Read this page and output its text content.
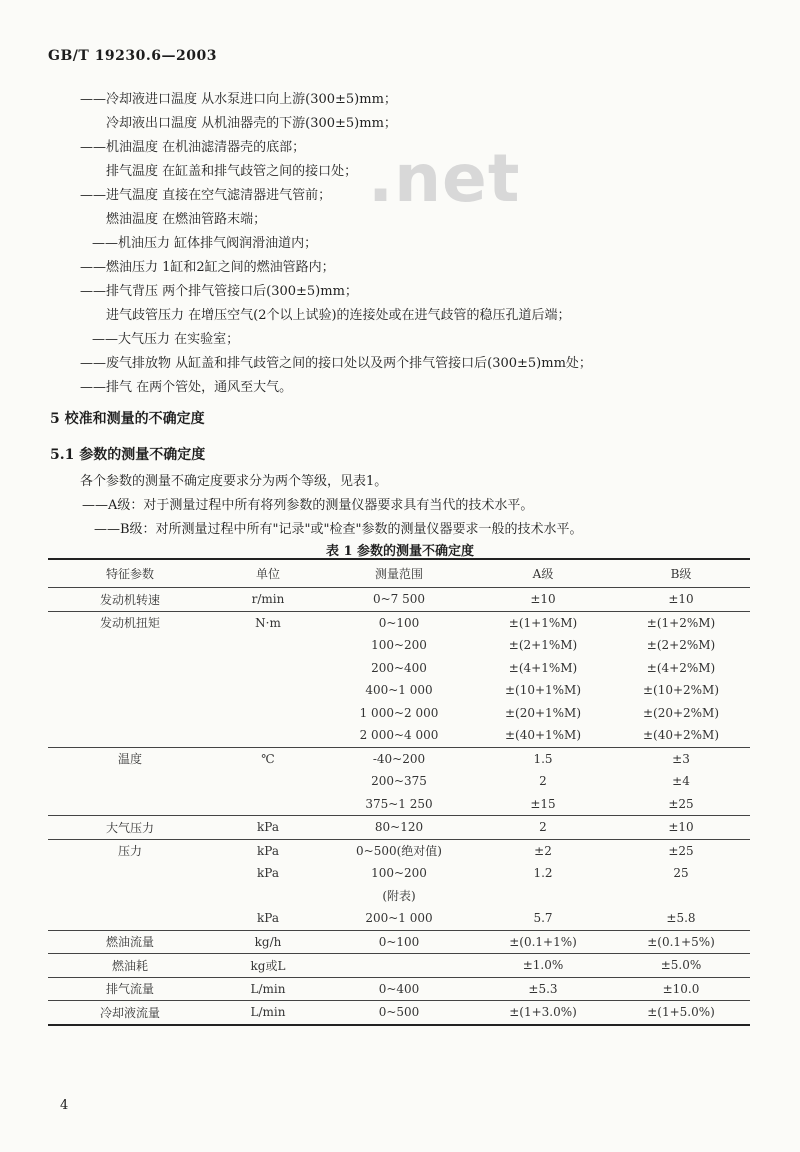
GB/T 19230.6—2003
.net
——冷却液进口温度 从水泵进口向上游(300±5)mm；
冷却液出口温度 从机油器壳的下游(300±5)mm；
——机油温度 在机油滤清器壳的底部；
排气温度 在缸盖和排气歧管之间的接口处；
——进气温度 直接在空气滤清器进气管前；
燃油温度 在燃油管路末端；
——机油压力 缸体排气阀润滑油道内；
——燃油压力 1缸和2缸之间的燃油管路内；
——排气背压 两个排气管接口后(300±5)mm；
进气歧管压力 在增压空气(2个以上试验)的连接处或在进气歧管的稳压孔道后端；
——大气压力 在实验室；
——废气排放物 从缸盖和排气歧管之间的接口处以及两个排气管接口后(300±5)mm处；
——排气 在两个管处，通风至大气。
5 校准和测量的不确定度
5.1 参数的测量不确定度
各个参数的测量不确定度要求分为两个等级，见表1。
——A级：对于测量过程中所有将列参数的测量仪器要求具有当代的技术水平。
——B级：对所测量过程中所有"记录"或"检查"参数的测量仪器要求一般的技术水平。
表 1 参数的测量不确定度
特征参数	单位	测量范围	A级	B级
发动机转速	r/min	0~7 500	±10	±10
发动机扭矩	N·m	0~100	±(1+1%M)	±(1+2%M)
		100~200	±(2+1%M)	±(2+2%M)
		200~400	±(4+1%M)	±(4+2%M)
		400~1 000	±(10+1%M)	±(10+2%M)
		1 000~2 000	±(20+1%M)	±(20+2%M)
		2 000~4 000	±(40+1%M)	±(40+2%M)
温度	℃	-40~200	1.5	±3
		200~375	2	±4
		375~1 250	±15	±25
大气压力	kPa	80~120	2	±10
压力	kPa	0~500(绝对值)	±2	±25
	kPa	100~200	1.2	25
		(附表)		
	kPa	200~1 000	5.7	±5.8
燃油流量	kg/h	0~100	±(0.1+1%)	±(0.1+5%)
燃油耗	kg或L		±1.0%	±5.0%
排气流量	L/min	0~400	±5.3	±10.0
冷却液流量	L/min	0~500	±(1+3.0%)	±(1+5.0%)
4
